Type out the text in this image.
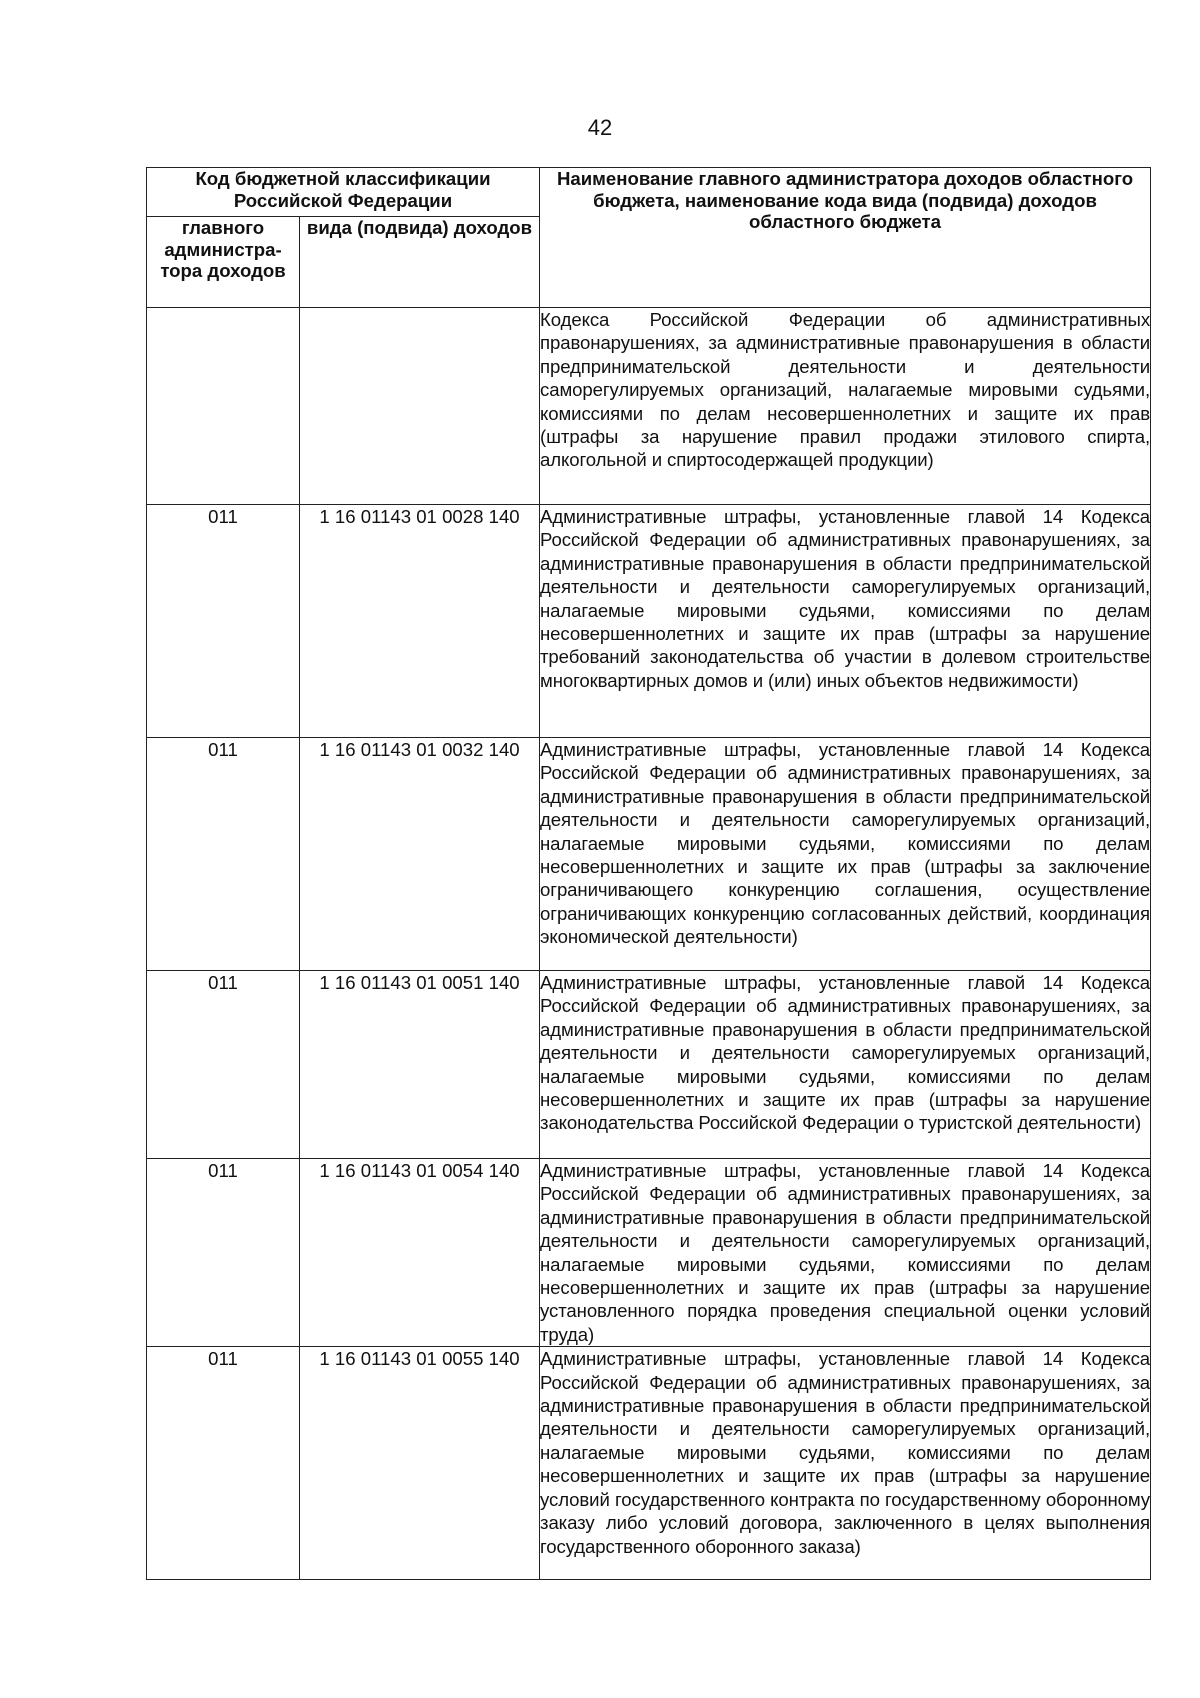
42
Код бюджетной классификации Российской Федерации		Наименование главного администратора доходов областного бюджета, наименование кода вида (подвида) доходов областного бюджета
главного администра-тора доходов	вида (подвида) доходов	
		Кодекса Российской Федерации об административных правонарушениях, за административные правонарушения в области предпринимательской деятельности и деятельности саморегулируемых организаций, налагаемые мировыми судьями, комиссиями по делам несовершеннолетних и защите их прав (штрафы за нарушение правил продажи этилового спирта, алкогольной и спиртосодержащей продукции)
011	1 16 01143 01 0028 140	Административные штрафы, установленные главой 14 Кодекса Российской Федерации об административных правонарушениях, за административные правонарушения в области предпринимательской деятельности и деятельности саморегулируемых организаций, налагаемые мировыми судьями, комиссиями по делам несовершеннолетних и защите их прав (штрафы за нарушение требований законодательства об участии в долевом строительстве многоквартирных домов и (или) иных объектов недвижимости)
011	1 16 01143 01 0032 140	Административные штрафы, установленные главой 14 Кодекса Российской Федерации об административных правонарушениях, за административные правонарушения в области предпринимательской деятельности и деятельности саморегулируемых организаций, налагаемые мировыми судьями, комиссиями по делам несовершеннолетних и защите их прав (штрафы за заключение ограничивающего конкуренцию соглашения, осуществление ограничивающих конкуренцию согласованных действий, координация экономической деятельности)
011	1 16 01143 01 0051 140	Административные штрафы, установленные главой 14 Кодекса Российской Федерации об административных правонарушениях, за административные правонарушения в области предпринимательской деятельности и деятельности саморегулируемых организаций, налагаемые мировыми судьями, комиссиями по делам несовершеннолетних и защите их прав (штрафы за нарушение законодательства Российской Федерации о туристской деятельности)
011	1 16 01143 01 0054 140	Административные штрафы, установленные главой 14 Кодекса Российской Федерации об административных правонарушениях, за административные правонарушения в области предпринимательской деятельности и деятельности саморегулируемых организаций, налагаемые мировыми судьями, комиссиями по делам несовершеннолетних и защите их прав (штрафы за нарушение установленного порядка проведения специальной оценки условий труда)
011	1 16 01143 01 0055 140	Административные штрафы, установленные главой 14 Кодекса Российской Федерации об административных правонарушениях, за административные правонарушения в области предпринимательской деятельности и деятельности саморегулируемых организаций, налагаемые мировыми судьями, комиссиями по делам несовершеннолетних и защите их прав (штрафы за нарушение условий государственного контракта по государственному оборонному заказу либо условий договора, заключенного в целях выполнения государственного оборонного заказа)
